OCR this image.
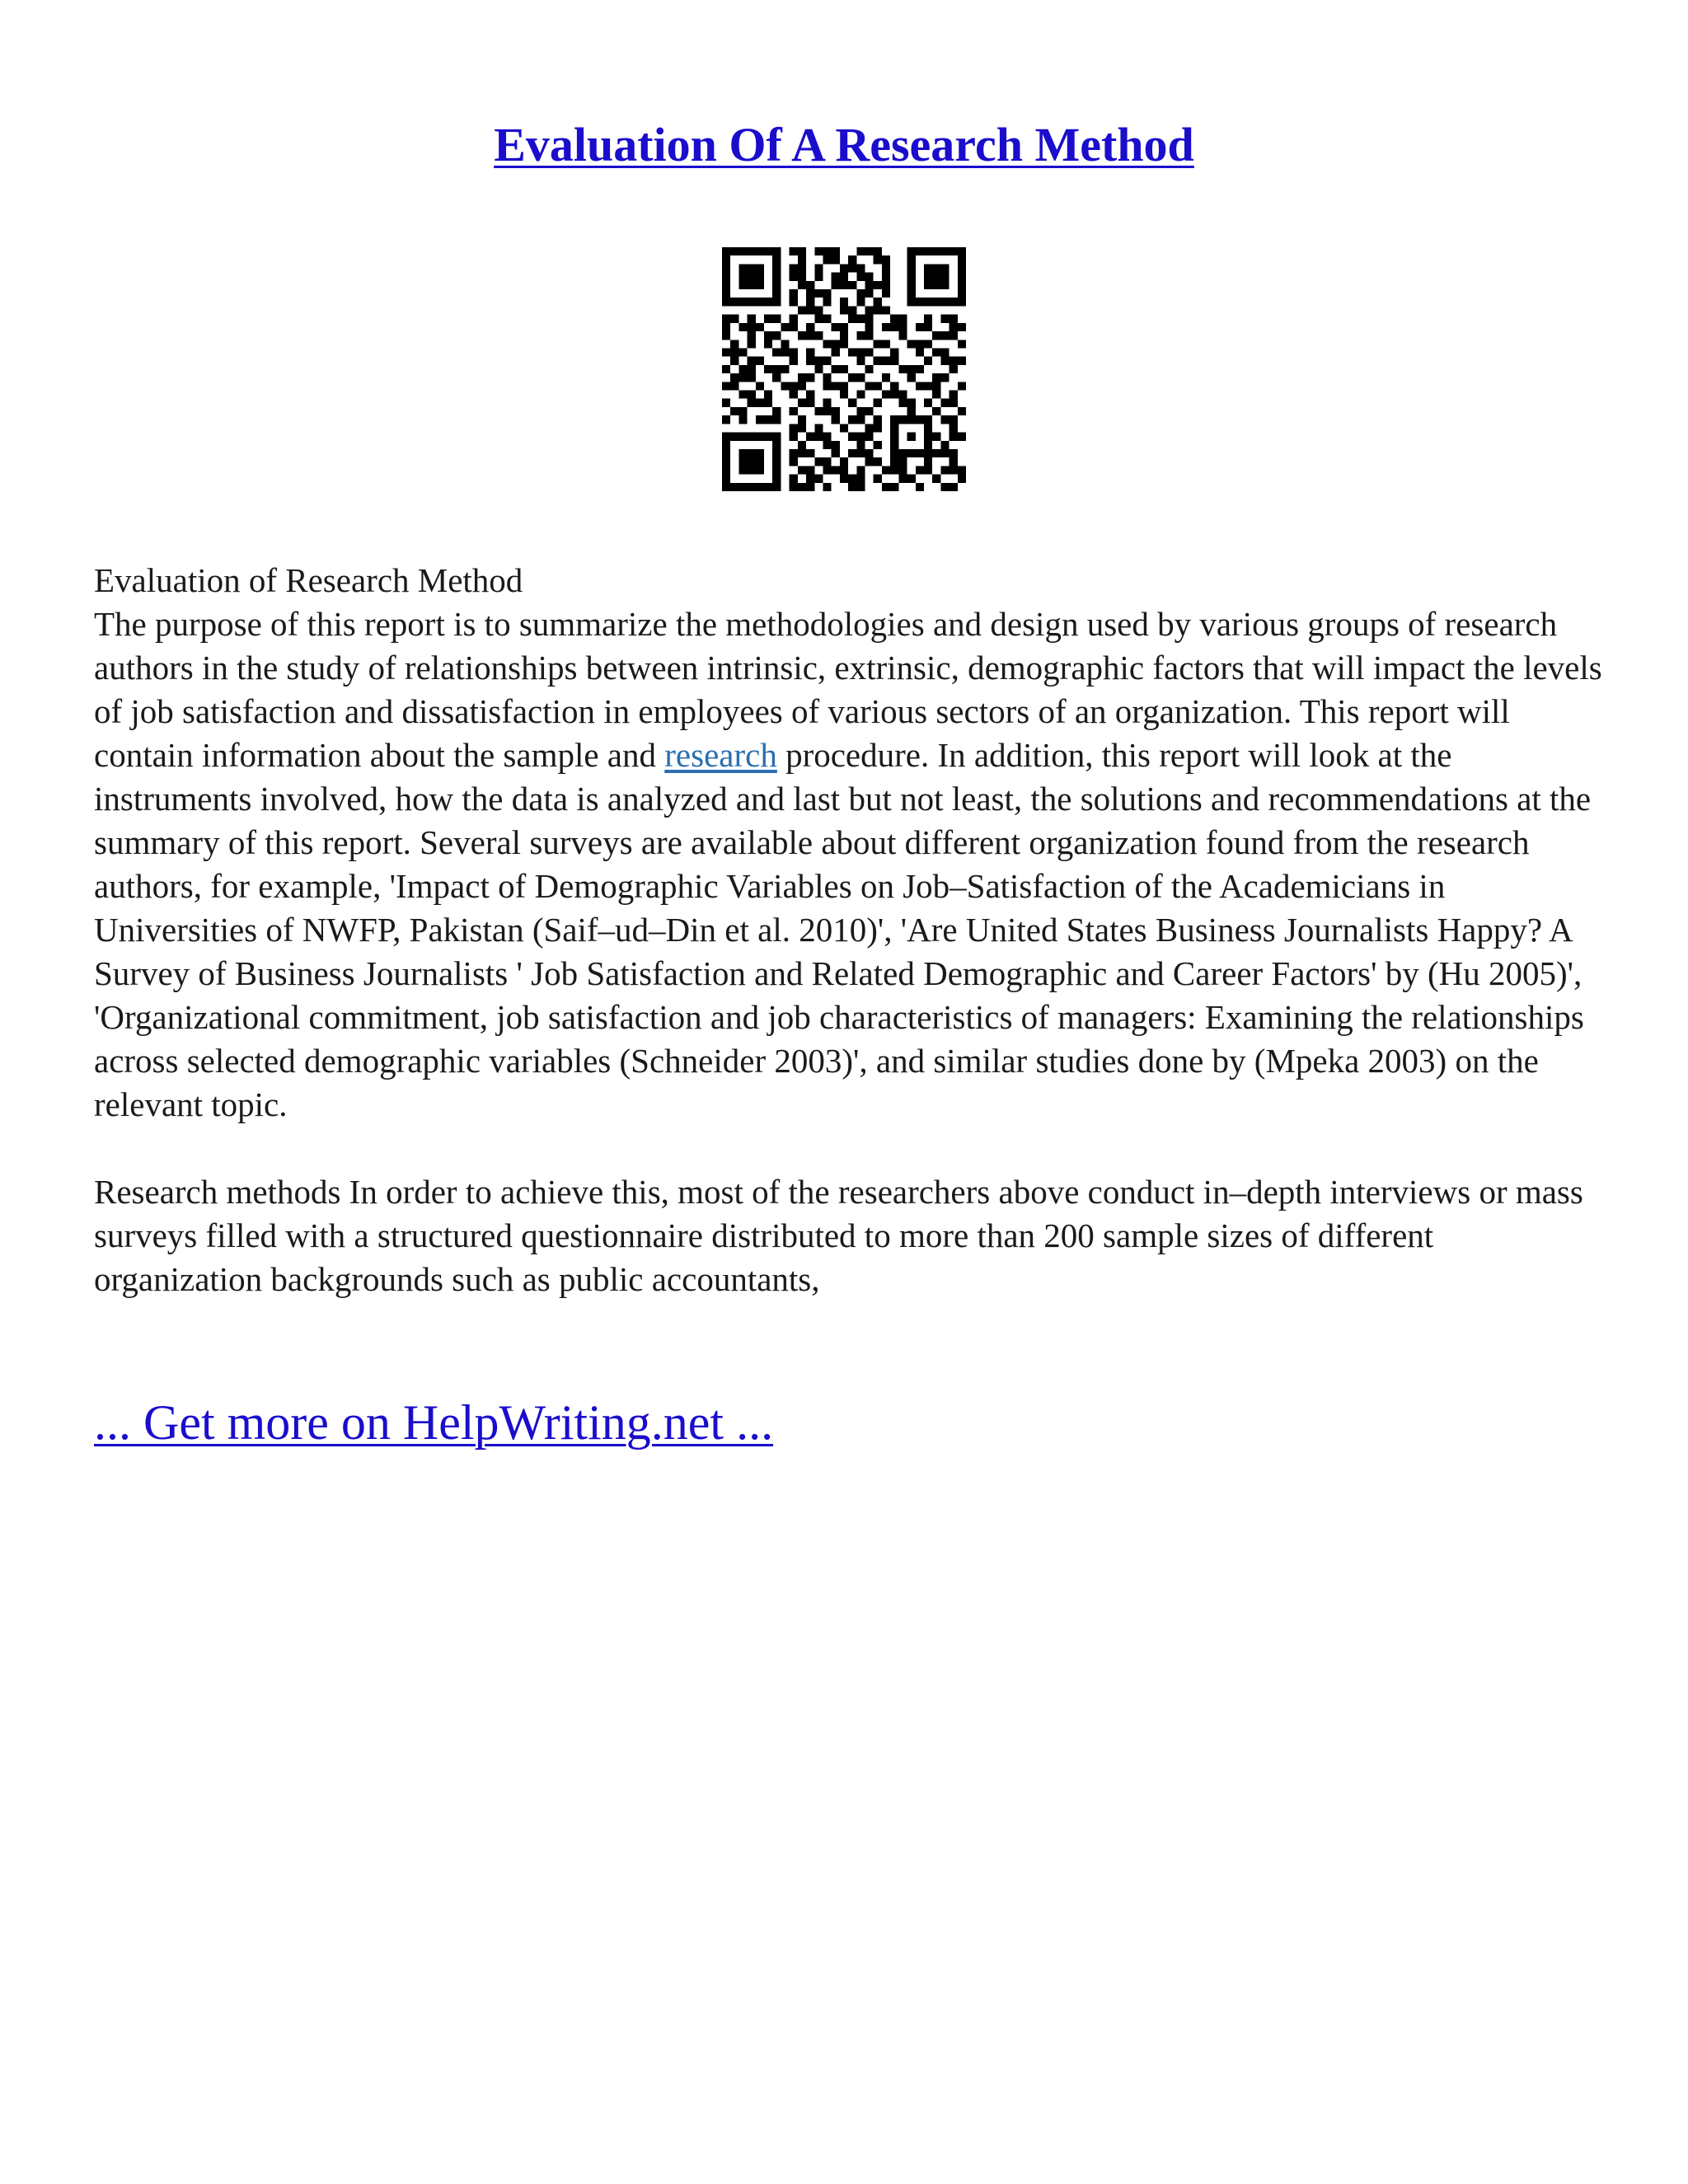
Evaluation Of A Research Method

Evaluation of Research Method

The purpose of this report is to summarize the methodologies and design used by various groups of research authors in the study of relationships between intrinsic, extrinsic, demographic factors that will impact the levels of job satisfaction and dissatisfaction in employees of various sectors of an organization. This report will contain information about the sample and research procedure. In addition, this report will look at the instruments involved, how the data is analyzed and last but not least, the solutions and recommendations at the summary of this report. Several surveys are available about different organization found from the research authors, for example, 'Impact of Demographic Variables on Job–Satisfaction of the Academicians in Universities of NWFP, Pakistan (Saif–ud–Din et al. 2010)', 'Are United States Business Journalists Happy? A Survey of Business Journalists ' Job Satisfaction and Related Demographic and Career Factors' by (Hu 2005)', 'Organizational commitment, job satisfaction and job characteristics of managers: Examining the relationships across selected demographic variables (Schneider 2003)', and similar studies done by (Mpeka 2003) on the relevant topic.

Research methods In order to achieve this, most of the researchers above conduct in–depth interviews or mass surveys filled with a structured questionnaire distributed to more than 200 sample sizes of different organization backgrounds such as public accountants,

... Get more on HelpWriting.net ...
